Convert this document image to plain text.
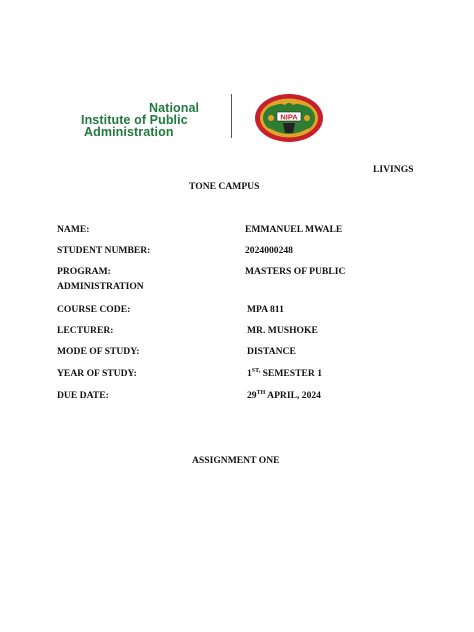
National
Institute of Public
Administration
NIPA
LIVINGS
TONE CAMPUS
NAME:	EMMANUEL MWALE
STUDENT NUMBER:	2024000248
PROGRAM:	MASTERS OF PUBLIC
ADMINISTRATION
COURSE CODE:	MPA 811
LECTURER:	MR. MUSHOKE
MODE OF STUDY:	DISTANCE
YEAR OF STUDY:	$1^{ST,}$ SEMESTER 1
DUE DATE:	29TH APRIL, 2024
ASSIGNMENT ONE
